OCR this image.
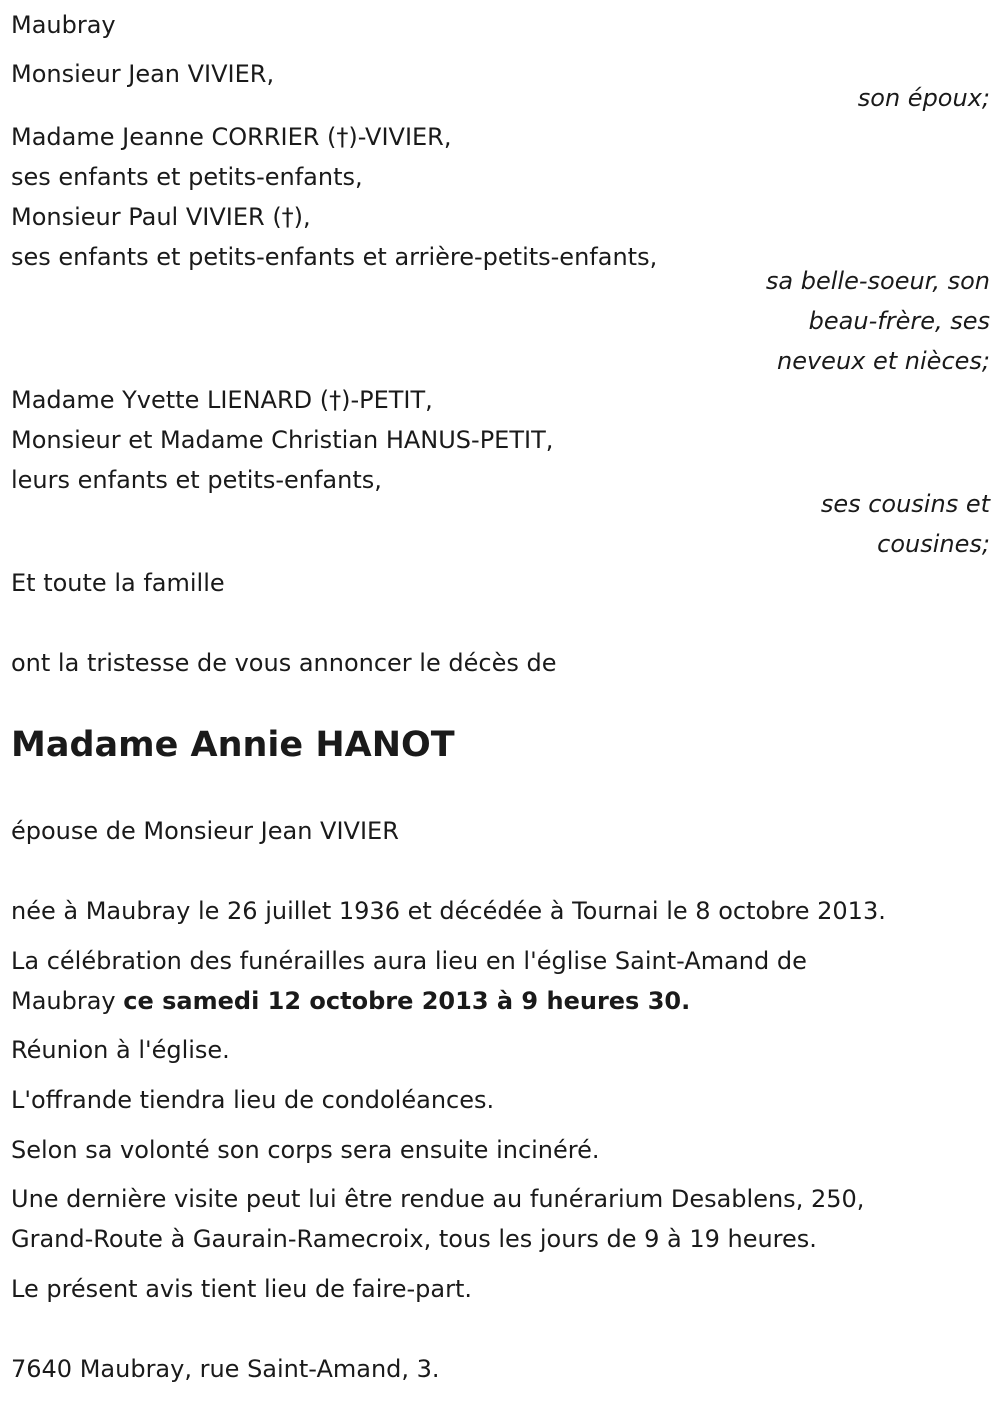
Maubray
Monsieur Jean VIVIER,
son époux;
Madame Jeanne CORRIER (†)-VIVIER,
ses enfants et petits-enfants,
Monsieur Paul VIVIER (†),
ses enfants et petits-enfants et arrière-petits-enfants,
sa belle-soeur, son
beau-frère, ses
neveux et nièces;
Madame Yvette LIENARD (†)-PETIT,
Monsieur et Madame Christian HANUS-PETIT,
leurs enfants et petits-enfants,
ses cousins et
cousines;
Et toute la famille
ont la tristesse de vous annoncer le décès de
Madame Annie HANOT
épouse de Monsieur Jean VIVIER
née à Maubray le 26 juillet 1936 et décédée à Tournai le 8 octobre 2013.
La célébration des funérailles aura lieu en l'église Saint-Amand de
Maubray ce samedi 12 octobre 2013 à 9 heures 30.
Réunion à l'église.
L'offrande tiendra lieu de condoléances.
Selon sa volonté son corps sera ensuite incinéré.
Une dernière visite peut lui être rendue au funérarium Desablens, 250,
Grand-Route à Gaurain-Ramecroix, tous les jours de 9 à 19 heures.
Le présent avis tient lieu de faire-part.
7640 Maubray, rue Saint-Amand, 3.
